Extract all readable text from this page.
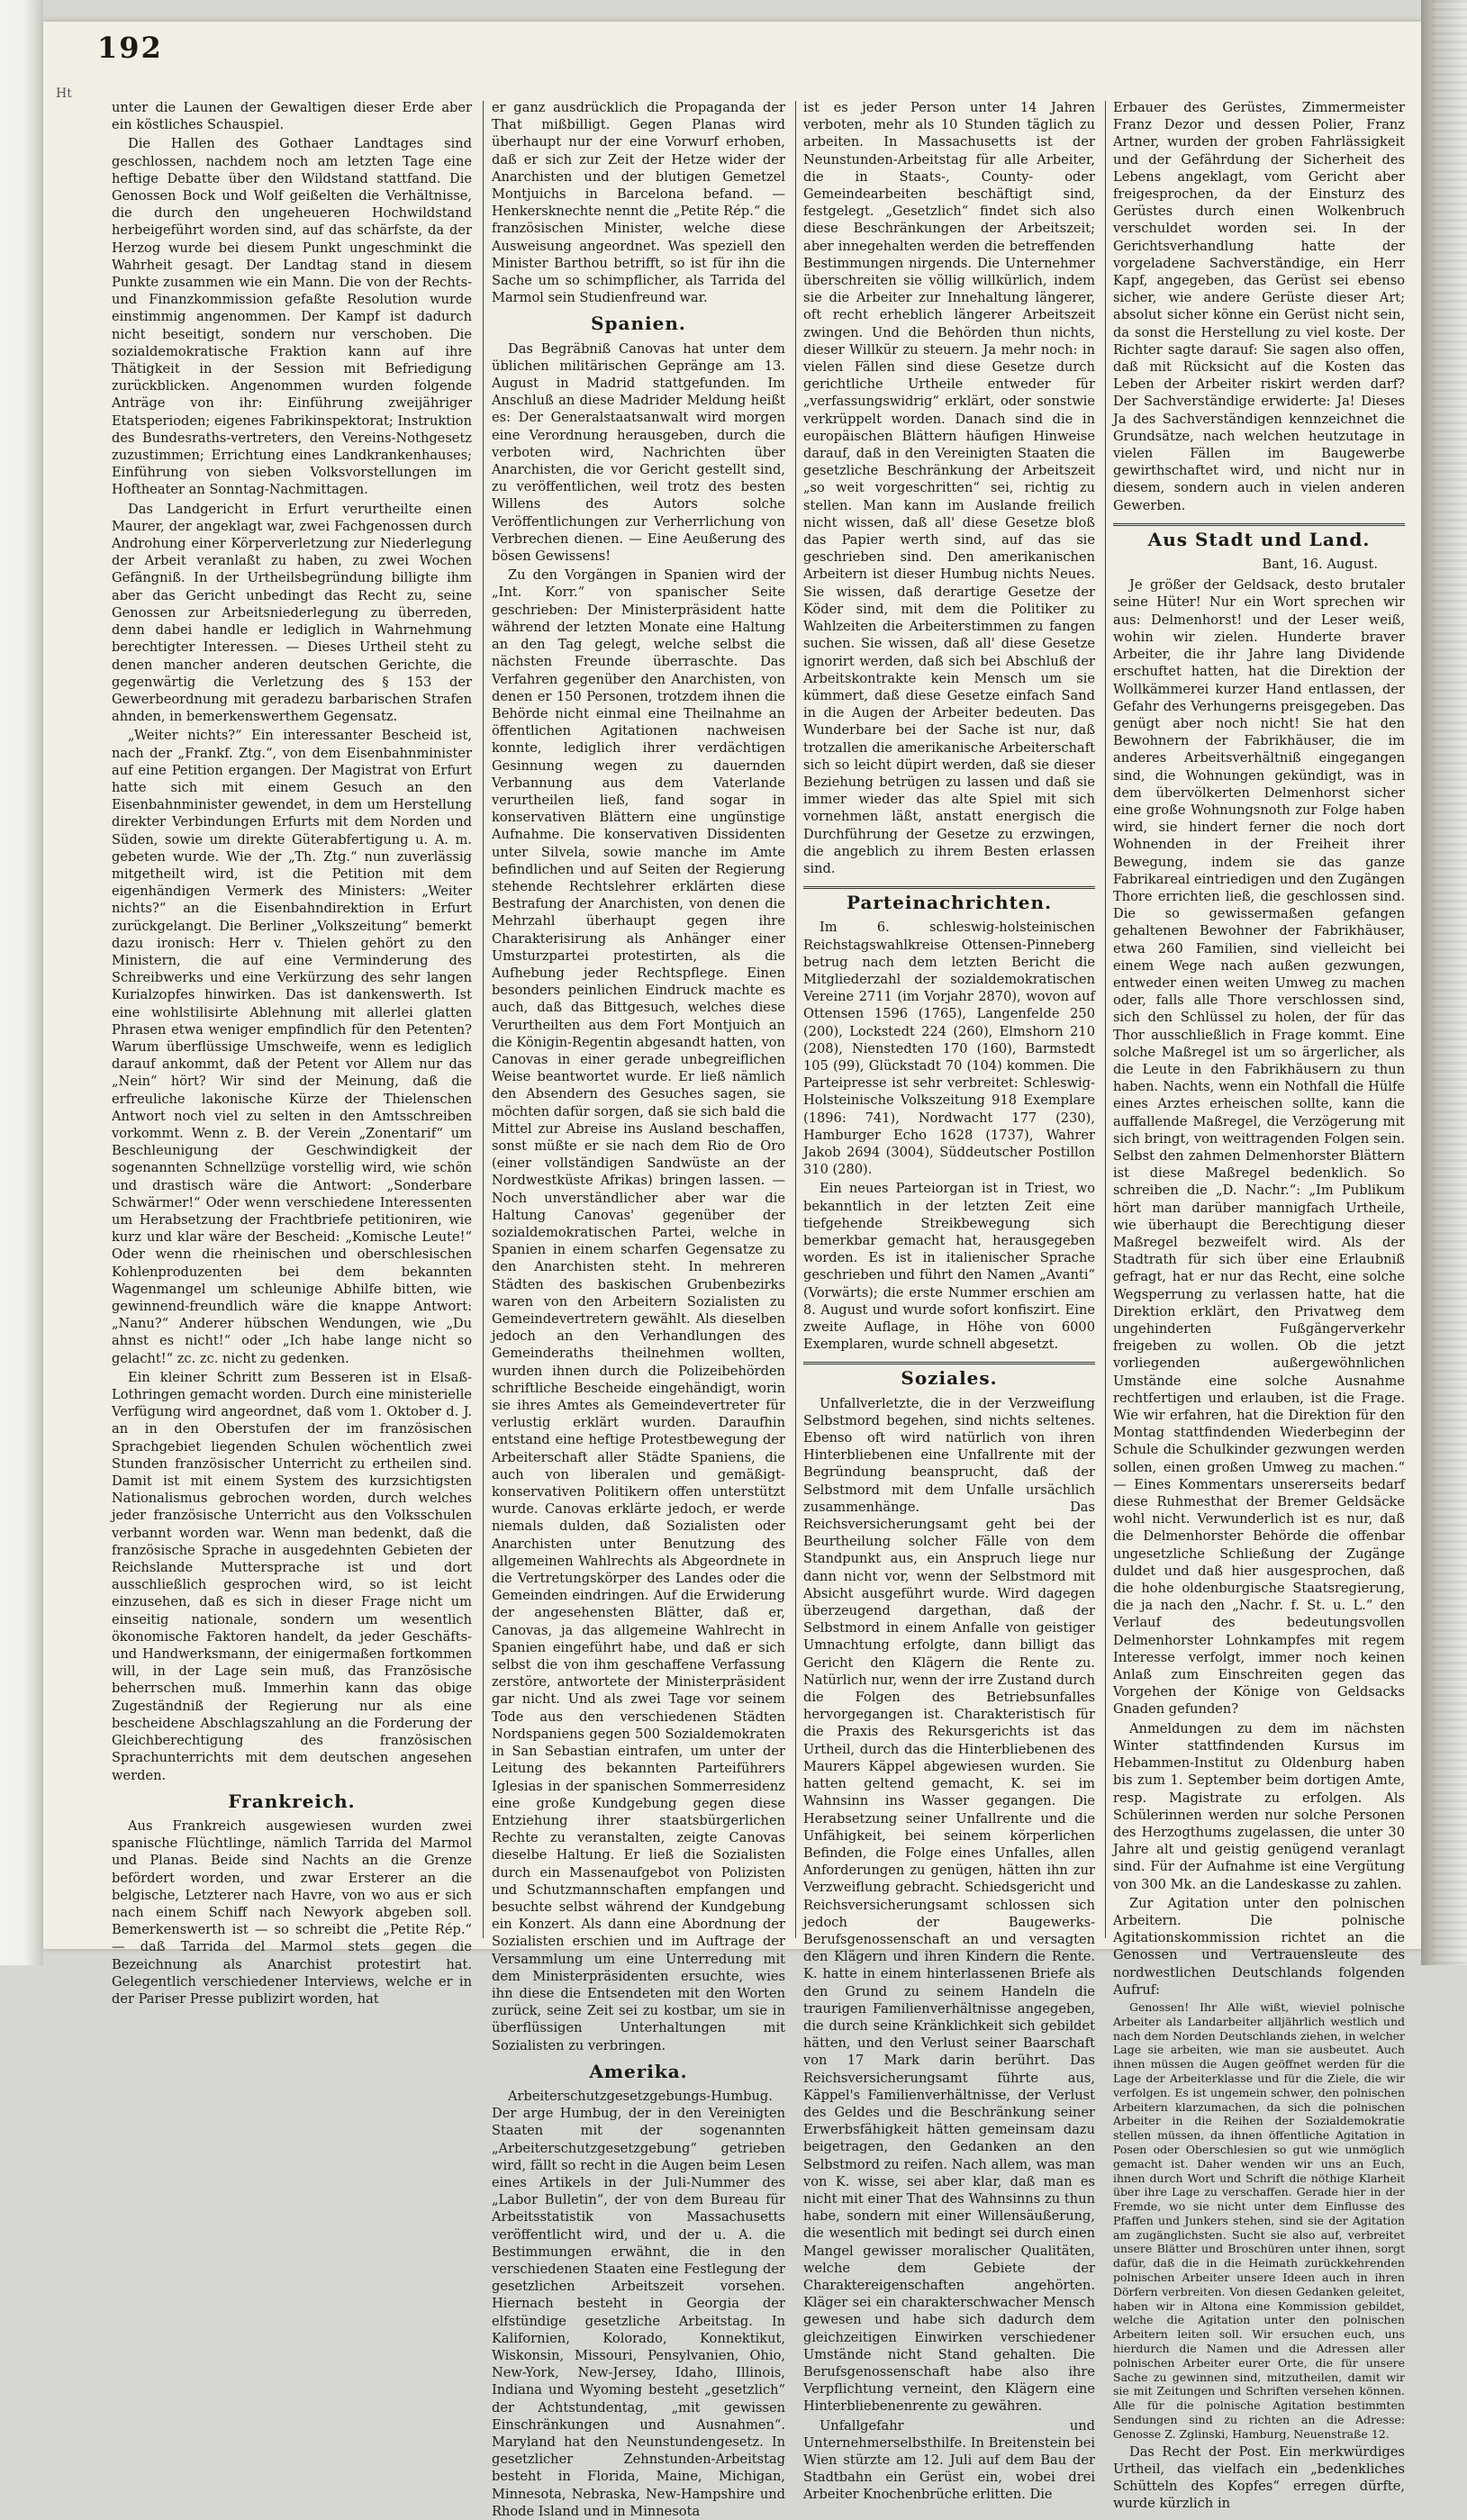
192
Ht

unter die Launen der Gewaltigen dieser Erde aber ein köstliches Schauspiel.

Die Hallen des Gothaer Landtages sind geschlossen, nachdem noch am letzten Tage eine heftige Debatte über den Wildstand stattfand. Die Genossen Bock und Wolf geißelten die Verhältnisse, die durch den ungeheueren Hochwildstand herbeigeführt worden sind, auf das schärfste, da der Herzog wurde bei diesem Punkt ungeschminkt die Wahrheit gesagt. Der Landtag stand in diesem Punkte zusammen wie ein Mann. Die von der Rechts- und Finanzkommission gefaßte Resolution wurde einstimmig angenommen. Der Kampf ist dadurch nicht beseitigt, sondern nur verschoben. Die sozialdemokratische Fraktion kann auf ihre Thätigkeit in der Session mit Befriedigung zurückblicken. Angenommen wurden folgende Anträge von ihr: Einführung zweijähriger Etatsperioden; eigenes Fabrikinspektorat; Instruktion des Bundesraths-vertreters, den Vereins-Nothgesetz zuzustimmen; Errichtung eines Landkrankenhauses; Einführung von sieben Volksvorstellungen im Hoftheater an Sonntag-Nachmittagen.

Das Landgericht in Erfurt verurtheilte einen Maurer, der angeklagt war, zwei Fachgenossen durch Androhung einer Körperverletzung zur Niederlegung der Arbeit veranlaßt zu haben, zu zwei Wochen Gefängniß. In der Urtheilsbegründung billigte ihm aber das Gericht unbedingt das Recht zu, seine Genossen zur Arbeitsniederlegung zu überreden, denn dabei handle er lediglich in Wahrnehmung berechtigter Interessen. — Dieses Urtheil steht zu denen mancher anderen deutschen Gerichte, die gegenwärtig die Verletzung des § 153 der Gewerbeordnung mit geradezu barbarischen Strafen ahnden, in bemerkenswerthem Gegensatz.

„Weiter nichts?“ Ein interessanter Bescheid ist, nach der „Frankf. Ztg.“, von dem Eisenbahnminister auf eine Petition ergangen. Der Magistrat von Erfurt hatte sich mit einem Gesuch an den Eisenbahnminister gewendet, in dem um Herstellung direkter Verbindungen Erfurts mit dem Norden und Süden, sowie um direkte Güterabfertigung u. A. m. gebeten wurde. Wie der „Th. Ztg.“ nun zuverlässig mitgetheilt wird, ist die Petition mit dem eigenhändigen Vermerk des Ministers: „Weiter nichts?“ an die Eisenbahndirektion in Erfurt zurückgelangt. Die Berliner „Volkszeitung“ bemerkt dazu ironisch: Herr v. Thielen gehört zu den Ministern, die auf eine Verminderung des Schreibwerks und eine Verkürzung des sehr langen Kurialzopfes hinwirken. Das ist dankenswerth. Ist eine wohlstilisirte Ablehnung mit allerlei glatten Phrasen etwa weniger empfindlich für den Petenten? Warum überflüssige Umschweife, wenn es lediglich darauf ankommt, daß der Petent vor Allem nur das „Nein“ hört? Wir sind der Meinung, daß die erfreuliche lakonische Kürze der Thielenschen Antwort noch viel zu selten in den Amtsschreiben vorkommt. Wenn z. B. der Verein „Zonentarif“ um Beschleunigung der Geschwindigkeit der sogenannten Schnellzüge vorstellig wird, wie schön und drastisch wäre die Antwort: „Sonderbare Schwärmer!“ Oder wenn verschiedene Interessenten um Herabsetzung der Frachtbriefe petitioniren, wie kurz und klar wäre der Bescheid: „Komische Leute!“ Oder wenn die rheinischen und oberschlesischen Kohlenproduzenten bei dem bekannten Wagenmangel um schleunige Abhilfe bitten, wie gewinnend-freundlich wäre die knappe Antwort: „Nanu?“ Anderer hübschen Wendungen, wie „Du ahnst es nicht!“ oder „Ich habe lange nicht so gelacht!“ zc. zc. nicht zu gedenken.

Ein kleiner Schritt zum Besseren ist in Elsaß-Lothringen gemacht worden. Durch eine ministerielle Verfügung wird angeordnet, daß vom 1. Oktober d. J. an in den Oberstufen der im französischen Sprachgebiet liegenden Schulen wöchentlich zwei Stunden französischer Unterricht zu ertheilen sind. Damit ist mit einem System des kurzsichtigsten Nationalismus gebrochen worden, durch welches jeder französische Unterricht aus den Volksschulen verbannt worden war. Wenn man bedenkt, daß die französische Sprache in ausgedehnten Gebieten der Reichslande Muttersprache ist und dort ausschließlich gesprochen wird, so ist leicht einzusehen, daß es sich in dieser Frage nicht um einseitig nationale, sondern um wesentlich ökonomische Faktoren handelt, da jeder Geschäfts- und Handwerksmann, der einigermaßen fortkommen will, in der Lage sein muß, das Französische beherrschen muß. Immerhin kann das obige Zugeständniß der Regierung nur als eine bescheidene Abschlagszahlung an die Forderung der Gleichberechtigung des französischen Sprachunterrichts mit dem deutschen angesehen werden.

Frankreich.

Aus Frankreich ausgewiesen wurden zwei spanische Flüchtlinge, nämlich Tarrida del Marmol und Planas. Beide sind Nachts an die Grenze befördert worden, und zwar Ersterer an die belgische, Letzterer nach Havre, von wo aus er sich nach einem Schiff nach Newyork abgeben soll. Bemerkenswerth ist — so schreibt die „Petite Rép.“ — daß Tarrida del Marmol stets gegen die Bezeichnung als Anarchist protestirt hat. Gelegentlich verschiedener Interviews, welche er in der Pariser Presse publizirt worden, hat

er ganz ausdrücklich die Propaganda der That mißbilligt. Gegen Planas wird überhaupt nur der eine Vorwurf erhoben, daß er sich zur Zeit der Hetze wider der Anarchisten und der blutigen Gemetzel Montjuichs in Barcelona befand. — Henkersknechte nennt die „Petite Rép.“ die französischen Minister, welche diese Ausweisung angeordnet. Was speziell den Minister Barthou betrifft, so ist für ihn die Sache um so schimpflicher, als Tarrida del Marmol sein Studienfreund war.

Spanien.

Das Begräbniß Canovas hat unter dem üblichen militärischen Gepränge am 13. August in Madrid stattgefunden. Im Anschluß an diese Madrider Meldung heißt es: Der Generalstaatsanwalt wird morgen eine Verordnung herausgeben, durch die verboten wird, Nachrichten über Anarchisten, die vor Gericht gestellt sind, zu veröffentlichen, weil trotz des besten Willens des Autors solche Veröffentlichungen zur Verherrlichung von Verbrechen dienen. — Eine Aeußerung des bösen Gewissens!

Zu den Vorgängen in Spanien wird der „Int. Korr.“ von spanischer Seite geschrieben: Der Ministerpräsident hatte während der letzten Monate eine Haltung an den Tag gelegt, welche selbst die nächsten Freunde überraschte. Das Verfahren gegenüber den Anarchisten, von denen er 150 Personen, trotzdem ihnen die Behörde nicht einmal eine Theilnahme an öffentlichen Agitationen nachweisen konnte, lediglich ihrer verdächtigen Gesinnung wegen zu dauernden Verbannung aus dem Vaterlande verurtheilen ließ, fand sogar in konservativen Blättern eine ungünstige Aufnahme. Die konservativen Dissidenten unter Silvela, sowie manche im Amte befindlichen und auf Seiten der Regierung stehende Rechtslehrer erklärten diese Bestrafung der Anarchisten, von denen die Mehrzahl überhaupt gegen ihre Charakterisirung als Anhänger einer Umsturzpartei protestirten, als die Aufhebung jeder Rechtspflege. Einen besonders peinlichen Eindruck machte es auch, daß das Bittgesuch, welches diese Verurtheilten aus dem Fort Montjuich an die Königin-Regentin abgesandt hatten, von Canovas in einer gerade unbegreiflichen Weise beantwortet wurde. Er ließ nämlich den Absendern des Gesuches sagen, sie möchten dafür sorgen, daß sie sich bald die Mittel zur Abreise ins Ausland beschaffen, sonst müßte er sie nach dem Rio de Oro (einer vollständigen Sandwüste an der Nordwestküste Afrikas) bringen lassen. — Noch unverständlicher aber war die Haltung Canovas' gegenüber der sozialdemokratischen Partei, welche in Spanien in einem scharfen Gegensatze zu den Anarchisten steht. In mehreren Städten des baskischen Grubenbezirks waren von den Arbeitern Sozialisten zu Gemeindevertretern gewählt. Als dieselben jedoch an den Verhandlungen des Gemeinderaths theilnehmen wollten, wurden ihnen durch die Polizeibehörden schriftliche Bescheide eingehändigt, worin sie ihres Amtes als Gemeindevertreter für verlustig erklärt wurden. Daraufhin entstand eine heftige Protestbewegung der Arbeiterschaft aller Städte Spaniens, die auch von liberalen und gemäßigt-konservativen Politikern offen unterstützt wurde. Canovas erklärte jedoch, er werde niemals dulden, daß Sozialisten oder Anarchisten unter Benutzung des allgemeinen Wahlrechts als Abgeordnete in die Vertretungskörper des Landes oder die Gemeinden eindringen. Auf die Erwiderung der angesehensten Blätter, daß er, Canovas, ja das allgemeine Wahlrecht in Spanien eingeführt habe, und daß er sich selbst die von ihm geschaffene Verfassung zerstöre, antwortete der Ministerpräsident gar nicht. Und als zwei Tage vor seinem Tode aus den verschiedenen Städten Nordspaniens gegen 500 Sozialdemokraten in San Sebastian eintrafen, um unter der Leitung des bekannten Parteiführers Iglesias in der spanischen Sommerresidenz eine große Kundgebung gegen diese Entziehung ihrer staatsbürgerlichen Rechte zu veranstalten, zeigte Canovas dieselbe Haltung. Er ließ die Sozialisten durch ein Massenaufgebot von Polizisten und Schutzmannschaften empfangen und besuchte selbst während der Kundgebung ein Konzert. Als dann eine Abordnung der Sozialisten erschien und im Auftrage der Versammlung um eine Unterredung mit dem Ministerpräsidenten ersuchte, wies ihn diese die Entsendeten mit den Worten zurück, seine Zeit sei zu kostbar, um sie in überflüssigen Unterhaltungen mit Sozialisten zu verbringen.

Amerika.

Arbeiterschutzgesetzgebungs-Humbug. Der arge Humbug, der in den Vereinigten Staaten mit der sogenannten „Arbeiterschutzgesetzgebung“ getrieben wird, fällt so recht in die Augen beim Lesen eines Artikels in der Juli-Nummer des „Labor Bulletin“, der von dem Bureau für Arbeitsstatistik von Massachusetts veröffentlicht wird, und der u. A. die Bestimmungen erwähnt, die in den verschiedenen Staaten eine Festlegung der gesetzlichen Arbeitszeit vorsehen. Hiernach besteht in Georgia der elfstündige gesetzliche Arbeitstag. In Kalifornien, Kolorado, Konnektikut, Wiskonsin, Missouri, Pensylvanien, Ohio, New-York, New-Jersey, Idaho, Illinois, Indiana und Wyoming besteht „gesetzlich“ der Achtstundentag, „mit gewissen Einschränkungen und Ausnahmen“. Maryland hat den Neunstundengesetz. In gesetzlicher Zehnstunden-Arbeitstag besteht in Florida, Maine, Michigan, Minnesota, Nebraska, New-Hampshire und Rhode Island und in Minnesota

ist es jeder Person unter 14 Jahren verboten, mehr als 10 Stunden täglich zu arbeiten. In Massachusetts ist der Neunstunden-Arbeitstag für alle Arbeiter, die in Staats-, County- oder Gemeindearbeiten beschäftigt sind, festgelegt. „Gesetzlich“ findet sich also diese Beschränkungen der Arbeitszeit; aber innegehalten werden die betreffenden Bestimmungen nirgends. Die Unternehmer überschreiten sie völlig willkürlich, indem sie die Arbeiter zur Innehaltung längerer, oft recht erheblich längerer Arbeitszeit zwingen. Und die Behörden thun nichts, dieser Willkür zu steuern. Ja mehr noch: in vielen Fällen sind diese Gesetze durch gerichtliche Urtheile entweder für „verfassungswidrig“ erklärt, oder sonstwie verkrüppelt worden. Danach sind die in europäischen Blättern häufigen Hinweise darauf, daß in den Vereinigten Staaten die gesetzliche Beschränkung der Arbeitszeit „so weit vorgeschritten“ sei, richtig zu stellen. Man kann im Auslande freilich nicht wissen, daß all' diese Gesetze bloß das Papier werth sind, auf das sie geschrieben sind. Den amerikanischen Arbeitern ist dieser Humbug nichts Neues. Sie wissen, daß derartige Gesetze der Köder sind, mit dem die Politiker zu Wahlzeiten die Arbeiterstimmen zu fangen suchen. Sie wissen, daß all' diese Gesetze ignorirt werden, daß sich bei Abschluß der Arbeitskontrakte kein Mensch um sie kümmert, daß diese Gesetze einfach Sand in die Augen der Arbeiter bedeuten. Das Wunderbare bei der Sache ist nur, daß trotzallen die amerikanische Arbeiterschaft sich so leicht düpirt werden, daß sie dieser Beziehung betrügen zu lassen und daß sie immer wieder das alte Spiel mit sich vornehmen läßt, anstatt energisch die Durchführung der Gesetze zu erzwingen, die angeblich zu ihrem Besten erlassen sind.

Parteinachrichten.

Im 6. schleswig-holsteinischen Reichstagswahlkreise Ottensen-Pinneberg betrug nach dem letzten Bericht die Mitgliederzahl der sozialdemokratischen Vereine 2711 (im Vorjahr 2870), wovon auf Ottensen 1596 (1765), Langenfelde 250 (200), Lockstedt 224 (260), Elmshorn 210 (208), Nienstedten 170 (160), Barmstedt 105 (99), Glückstadt 70 (104) kommen. Die Parteipresse ist sehr verbreitet: Schleswig-Holsteinische Volkszeitung 918 Exemplare (1896: 741), Nordwacht 177 (230), Hamburger Echo 1628 (1737), Wahrer Jakob 2694 (3004), Süddeutscher Postillon 310 (280).

Ein neues Parteiorgan ist in Triest, wo bekanntlich in der letzten Zeit eine tiefgehende Streikbewegung sich bemerkbar gemacht hat, herausgegeben worden. Es ist in italienischer Sprache geschrieben und führt den Namen „Avanti“ (Vorwärts); die erste Nummer erschien am 8. August und wurde sofort konfiszirt. Eine zweite Auflage, in Höhe von 6000 Exemplaren, wurde schnell abgesetzt.

Soziales.

Unfallverletzte, die in der Verzweiflung Selbstmord begehen, sind nichts seltenes. Ebenso oft wird natürlich von ihren Hinterbliebenen eine Unfallrente mit der Begründung beansprucht, daß der Selbstmord mit dem Unfalle ursächlich zusammenhänge. Das Reichsversicherungsamt geht bei der Beurtheilung solcher Fälle von dem Standpunkt aus, ein Anspruch liege nur dann nicht vor, wenn der Selbstmord mit Absicht ausgeführt wurde. Wird dagegen überzeugend dargethan, daß der Selbstmord in einem Anfalle von geistiger Umnachtung erfolgte, dann billigt das Gericht den Klägern die Rente zu. Natürlich nur, wenn der irre Zustand durch die Folgen des Betriebsunfalles hervorgegangen ist. Charakteristisch für die Praxis des Rekursgerichts ist das Urtheil, durch das die Hinterbliebenen des Maurers Käppel abgewiesen wurden. Sie hatten geltend gemacht, K. sei im Wahnsinn ins Wasser gegangen. Die Herabsetzung seiner Unfallrente und die Unfähigkeit, bei seinem körperlichen Befinden, die Folge eines Unfalles, allen Anforderungen zu genügen, hätten ihn zur Verzweiflung gebracht. Schiedsgericht und Reichsversicherungsamt schlossen sich jedoch der Baugewerks-Berufsgenossenschaft an und versagten den Klägern und ihren Kindern die Rente. K. hatte in einem hinterlassenen Briefe als den Grund zu seinem Handeln die traurigen Familienverhältnisse angegeben, die durch seine Kränklichkeit sich gebildet hätten, und den Verlust seiner Baarschaft von 17 Mark darin berührt. Das Reichsversicherungsamt führte aus, Käppel's Familienverhältnisse, der Verlust des Geldes und die Beschränkung seiner Erwerbsfähigkeit hätten gemeinsam dazu beigetragen, den Gedanken an den Selbstmord zu reifen. Nach allem, was man von K. wisse, sei aber klar, daß man es nicht mit einer That des Wahnsinns zu thun habe, sondern mit einer Willensäußerung, die wesentlich mit bedingt sei durch einen Mangel gewisser moralischer Qualitäten, welche dem Gebiete der Charaktereigenschaften angehörten. Kläger sei ein charakterschwacher Mensch gewesen und habe sich dadurch dem gleichzeitigen Einwirken verschiedener Umstände nicht Stand gehalten. Die Berufsgenossenschaft habe also ihre Verpflichtung verneint, den Klägern eine Hinterbliebenenrente zu gewähren.

Unfallgefahr und Unternehmerselbsthilfe. In Breitenstein bei Wien stürzte am 12. Juli auf dem Bau der Stadtbahn ein Gerüst ein, wobei drei Arbeiter Knochenbrüche erlitten. Die

Erbauer des Gerüstes, Zimmermeister Franz Dezor und dessen Polier, Franz Artner, wurden der groben Fahrlässigkeit und der Gefährdung der Sicherheit des Lebens angeklagt, vom Gericht aber freigesprochen, da der Einsturz des Gerüstes durch einen Wolkenbruch verschuldet worden sei. In der Gerichtsverhandlung hatte der vorgeladene Sachverständige, ein Herr Kapf, angegeben, das Gerüst sei ebenso sicher, wie andere Gerüste dieser Art; absolut sicher könne ein Gerüst nicht sein, da sonst die Herstellung zu viel koste. Der Richter sagte darauf: Sie sagen also offen, daß mit Rücksicht auf die Kosten das Leben der Arbeiter riskirt werden darf? Der Sachverständige erwiderte: Ja! Dieses Ja des Sachverständigen kennzeichnet die Grundsätze, nach welchen heutzutage in vielen Fällen im Baugewerbe gewirthschaftet wird, und nicht nur in diesem, sondern auch in vielen anderen Gewerben.

Aus Stadt und Land.
Bant, 16. August.

Je größer der Geldsack, desto brutaler seine Hüter! Nur ein Wort sprechen wir aus: Delmenhorst! und der Leser weiß, wohin wir zielen. Hunderte braver Arbeiter, die ihr Jahre lang Dividende erschuftet hatten, hat die Direktion der Wollkämmerei kurzer Hand entlassen, der Gefahr des Verhungerns preisgegeben. Das genügt aber noch nicht! Sie hat den Bewohnern der Fabrikhäuser, die im anderes Arbeitsverhältniß eingegangen sind, die Wohnungen gekündigt, was in dem übervölkerten Delmenhorst sicher eine große Wohnungsnoth zur Folge haben wird, sie hindert ferner die noch dort Wohnenden in der Freiheit ihrer Bewegung, indem sie das ganze Fabrikareal eintriedigen und den Zugängen Thore errichten ließ, die geschlossen sind. Die so gewissermaßen gefangen gehaltenen Bewohner der Fabrikhäuser, etwa 260 Familien, sind vielleicht bei einem Wege nach außen gezwungen, entweder einen weiten Umweg zu machen oder, falls alle Thore verschlossen sind, sich den Schlüssel zu holen, der für das Thor ausschließlich in Frage kommt. Eine solche Maßregel ist um so ärgerlicher, als die Leute in den Fabrikhäusern zu thun haben. Nachts, wenn ein Nothfall die Hülfe eines Arztes erheischen sollte, kann die auffallende Maßregel, die Verzögerung mit sich bringt, von weittragenden Folgen sein. Selbst den zahmen Delmenhorster Blättern ist diese Maßregel bedenklich. So schreiben die „D. Nachr.“: „Im Publikum hört man darüber mannigfach Urtheile, wie überhaupt die Berechtigung dieser Maßregel bezweifelt wird. Als der Stadtrath für sich über eine Erlaubniß gefragt, hat er nur das Recht, eine solche Wegsperrung zu verlassen hatte, hat die Direktion erklärt, den Privatweg dem ungehinderten Fußgängerverkehr freigeben zu wollen. Ob die jetzt vorliegenden außergewöhnlichen Umstände eine solche Ausnahme rechtfertigen und erlauben, ist die Frage. Wie wir erfahren, hat die Direktion für den Montag stattfindenden Wiederbeginn der Schule die Schulkinder gezwungen werden sollen, einen großen Umweg zu machen.“ — Eines Kommentars unsererseits bedarf diese Ruhmesthat der Bremer Geldsäcke wohl nicht. Verwunderlich ist es nur, daß die Delmenhorster Behörde die offenbar ungesetzliche Schließung der Zugänge duldet und daß hier ausgesprochen, daß die hohe oldenburgische Staatsregierung, die ja nach den „Nachr. f. St. u. L.“ den Verlauf des bedeutungsvollen Delmenhorster Lohnkampfes mit regem Interesse verfolgt, immer noch keinen Anlaß zum Einschreiten gegen das Vorgehen der Könige von Geldsacks Gnaden gefunden?

Anmeldungen zu dem im nächsten Winter stattfindenden Kursus im Hebammen-Institut zu Oldenburg haben bis zum 1. September beim dortigen Amte, resp. Magistrate zu erfolgen. Als Schülerinnen werden nur solche Personen des Herzogthums zugelassen, die unter 30 Jahre alt und geistig genügend veranlagt sind. Für der Aufnahme ist eine Vergütung von 300 Mk. an die Landeskasse zu zahlen.

Zur Agitation unter den polnischen Arbeitern. Die polnische Agitationskommission richtet an die Genossen und Vertrauensleute des nordwestlichen Deutschlands folgenden Aufruf:

Genossen! Ihr Alle wißt, wieviel polnische Arbeiter als Landarbeiter alljährlich westlich und nach dem Norden Deutschlands ziehen, in welcher Lage sie arbeiten, wie man sie ausbeutet. Auch ihnen müssen die Augen geöffnet werden für die Lage der Arbeiterklasse und für die Ziele, die wir verfolgen. Es ist ungemein schwer, den polnischen Arbeitern klarzumachen, da sich die polnischen Arbeiter in die Reihen der Sozialdemokratie stellen müssen, da ihnen öffentliche Agitation in Posen oder Oberschlesien so gut wie unmöglich gemacht ist. Daher wenden wir uns an Euch, ihnen durch Wort und Schrift die nöthige Klarheit über ihre Lage zu verschaffen. Gerade hier in der Fremde, wo sie nicht unter dem Einflusse des Pfaffen und Junkers stehen, sind sie der Agitation am zugänglichsten. Sucht sie also auf, verbreitet unsere Blätter und Broschüren unter ihnen, sorgt dafür, daß die in die Heimath zurückkehrenden polnischen Arbeiter unsere Ideen auch in ihren Dörfern verbreiten. Von diesen Gedanken geleitet, haben wir in Altona eine Kommission gebildet, welche die Agitation unter den polnischen Arbeitern leiten soll. Wir ersuchen euch, uns hierdurch die Namen und die Adressen aller polnischen Arbeiter eurer Orte, die für unsere Sache zu gewinnen sind, mitzutheilen, damit wir sie mit Zeitungen und Schriften versehen können. Alle für die polnische Agitation bestimmten Sendungen sind zu richten an die Adresse: Genosse Z. Zglinski, Hamburg, Neuenstraße 12.

Das Recht der Post. Ein merkwürdiges Urtheil, das vielfach ein „bedenkliches Schütteln des Kopfes“ erregen dürfte, wurde kürzlich in
